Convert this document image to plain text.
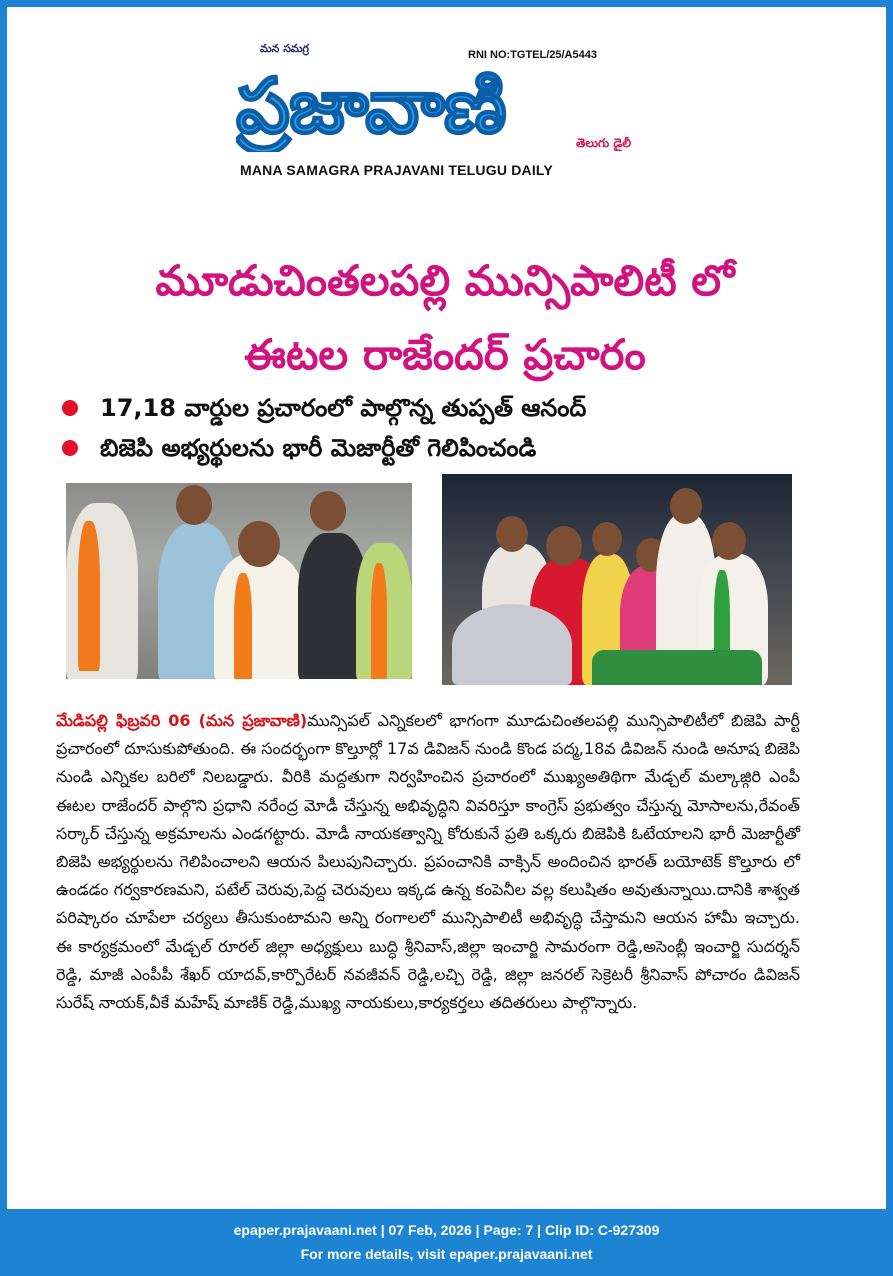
మన సమగ్ర	RNI NO:TGTEL/25/A5443
ప్రజావాణి	తెలుగు డైలీ
MANA SAMAGRA PRAJAVANI TELUGU DAILY
మూడుచింతలపల్లి మున్సిపాలిటీ లో
ఈటల రాజేందర్ ప్రచారం
17,18 వార్డుల ప్రచారంలో పాల్గొన్న తుప్పత్ ఆనంద్
బిజెపి అభ్యర్థులను భారీ మెజార్టీతో గెలిపించండి
మేడిపల్లి ఫిబ్రవరి 06 (మన ప్రజావాణి)మున్సిపల్ ఎన్నికలలో భాగంగా మూడుచింతలపల్లి మున్సిపాలిటీలో బిజెపి పార్టీ ప్రచారంలో దూసుకుపోతుంది. ఈ సందర్భంగా కొల్తూర్లో 17వ డివిజన్ నుండి కొండ పద్మ,18వ డివిజన్ నుండి అనూష బిజెపి నుండి ఎన్నికల బరిలో నిలబడ్డారు. వీరికి మద్దతుగా నిర్వహించిన ప్రచారంలో ముఖ్యఅతిథిగా మేడ్చల్ మల్కాజ్గిరి ఎంపీ ఈటల రాజేందర్ పాల్గొని ప్రధాని నరేంద్ర మోడీ చేస్తున్న అభివృద్ధిని వివరిస్తూ కాంగ్రెస్ ప్రభుత్వం చేస్తున్న మోసాలను,రేవంత్ సర్కార్ చేస్తున్న అక్రమాలను ఎండగట్టారు. మోడీ నాయకత్వాన్ని కోరుకునే ప్రతి ఒక్కరు బిజెపికి ఓటేయాలని భారీ మెజార్టీతో బిజెపి అభ్యర్థులను గెలిపించాలని ఆయన పిలుపునిచ్చారు. ప్రపంచానికి వాక్సిన్ అందించిన భారత్ బయోటెక్ కొల్తూరు లో ఉండడం గర్వకారణమని, పటేల్ చెరువు,పెద్ద చెరువులు ఇక్కడ ఉన్న కంపెనీల వల్ల కలుషితం అవుతున్నాయి.దానికి శాశ్వత పరిష్కారం చూపేలా చర్యలు తీసుకుంటామని అన్ని రంగాలలో మున్సిపాలిటీ అభివృద్ధి చేస్తామని ఆయన హామీ ఇచ్చారు. ఈ కార్యక్రమంలో మేడ్చల్ రూరల్ జిల్లా అధ్యక్షులు బుద్ధి శ్రీనివాస్,జిల్లా ఇంచార్జి సామరంగా రెడ్డి,అసెంబ్లీ ఇంచార్జి సుదర్శన్ రెడ్డి, మాజీ ఎంపీపీ శేఖర్ యాదవ్,కార్పొరేటర్ నవజీవన్ రెడ్డి,లచ్చి రెడ్డి, జిల్లా జనరల్ సెక్రెటరీ శ్రీనివాస్ పోచారం డివిజన్ సురేష్ నాయక్,వీకే మహేష్ మాణిక్ రెడ్డి,ముఖ్య నాయకులు,కార్యకర్తలు తదితరులు పాల్గొన్నారు.
epaper.prajavaani.net | 07 Feb, 2026 | Page: 7 | Clip ID: C-927309
For more details, visit epaper.prajavaani.net
